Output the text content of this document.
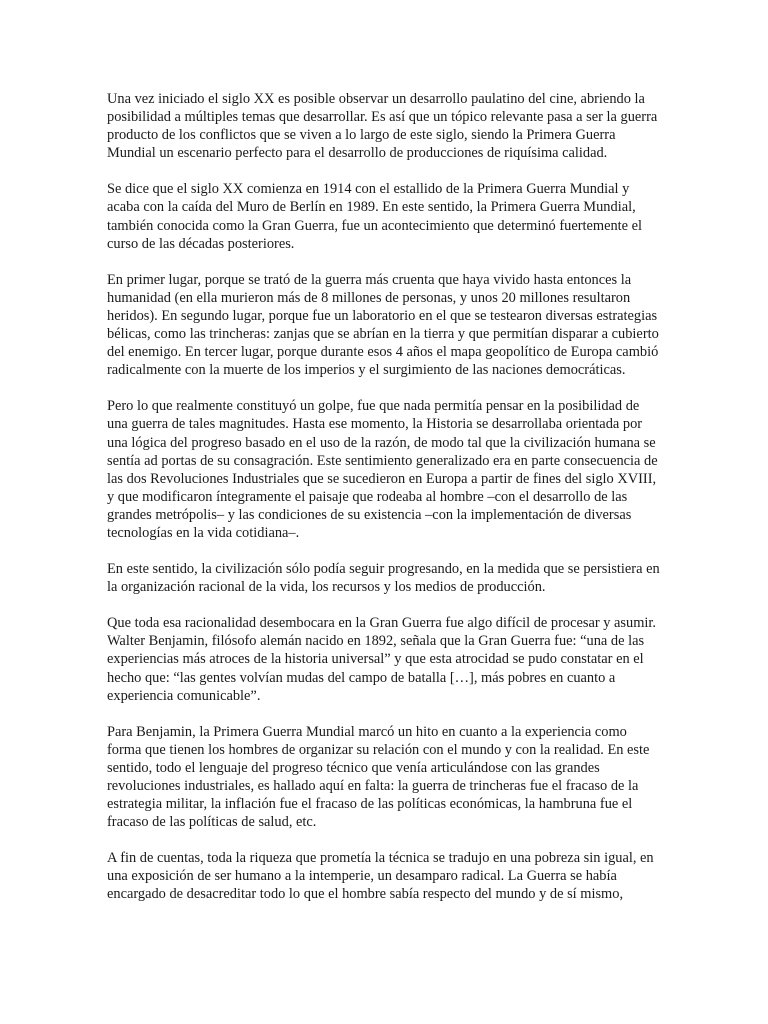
Una vez iniciado el siglo XX es posible observar un desarrollo paulatino del cine, abriendo la posibilidad a múltiples temas que desarrollar. Es así que un tópico relevante pasa a ser la guerra producto de los conflictos que se viven a lo largo de este siglo, siendo la Primera Guerra Mundial un escenario perfecto para el desarrollo de producciones de riquísima calidad.

Se dice que el siglo XX comienza en 1914 con el estallido de la Primera Guerra Mundial y acaba con la caída del Muro de Berlín en 1989. En este sentido, la Primera Guerra Mundial, también conocida como la Gran Guerra, fue un acontecimiento que determinó fuertemente el curso de las décadas posteriores.

En primer lugar, porque se trató de la guerra más cruenta que haya vivido hasta entonces la humanidad (en ella murieron más de 8 millones de personas, y unos 20 millones resultaron heridos). En segundo lugar, porque fue un laboratorio en el que se testearon diversas estrategias bélicas, como las trincheras: zanjas que se abrían en la tierra y que permitían disparar a cubierto del enemigo. En tercer lugar, porque durante esos 4 años el mapa geopolítico de Europa cambió radicalmente con la muerte de los imperios y el surgimiento de las naciones democráticas.

Pero lo que realmente constituyó un golpe, fue que nada permitía pensar en la posibilidad de una guerra de tales magnitudes. Hasta ese momento, la Historia se desarrollaba orientada por una lógica del progreso basado en el uso de la razón, de modo tal que la civilización humana se sentía ad portas de su consagración. Este sentimiento generalizado era en parte consecuencia de las dos Revoluciones Industriales que se sucedieron en Europa a partir de fines del siglo XVIII, y que modificaron íntegramente el paisaje que rodeaba al hombre –con el desarrollo de las grandes metrópolis– y las condiciones de su existencia –con la implementación de diversas tecnologías en la vida cotidiana–.

En este sentido, la civilización sólo podía seguir progresando, en la medida que se persistiera en la organización racional de la vida, los recursos y los medios de producción.

Que toda esa racionalidad desembocara en la Gran Guerra fue algo difícil de procesar y asumir. Walter Benjamin, filósofo alemán nacido en 1892, señala que la Gran Guerra fue: “una de las experiencias más atroces de la historia universal” y que esta atrocidad se pudo constatar en el hecho que: “las gentes volvían mudas del campo de batalla […], más pobres en cuanto a experiencia comunicable”.

Para Benjamin, la Primera Guerra Mundial marcó un hito en cuanto a la experiencia como forma que tienen los hombres de organizar su relación con el mundo y con la realidad. En este sentido, todo el lenguaje del progreso técnico que venía articulándose con las grandes revoluciones industriales, es hallado aquí en falta: la guerra de trincheras fue el fracaso de la estrategia militar, la inflación fue el fracaso de las políticas económicas, la hambruna fue el fracaso de las políticas de salud, etc.

A fin de cuentas, toda la riqueza que prometía la técnica se tradujo en una pobreza sin igual, en una exposición de ser humano a la intemperie, un desamparo radical. La Guerra se había encargado de desacreditar todo lo que el hombre sabía respecto del mundo y de sí mismo,
